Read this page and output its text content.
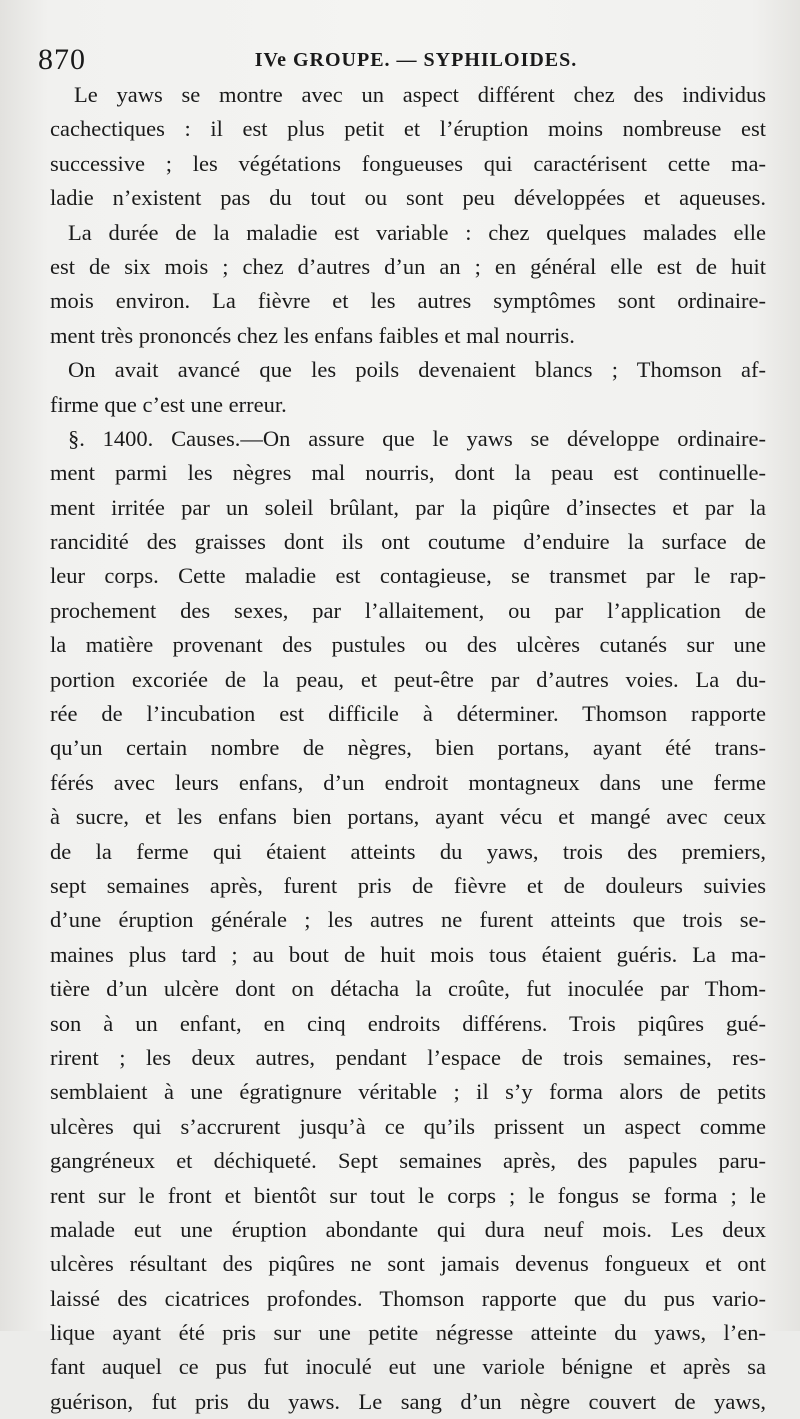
870	IVe GROUPE. — SYPHILOIDES.
Le yaws se montre avec un aspect différent chez des individus
cachectiques : il est plus petit et l’éruption moins nombreuse est
successive ; les végétations fongueuses qui caractérisent cette ma-
ladie n’existent pas du tout ou sont peu développées et aqueuses.
La durée de la maladie est variable : chez quelques malades elle
est de six mois ; chez d’autres d’un an ; en général elle est de huit
mois environ. La fièvre et les autres symptômes sont ordinaire-
ment très prononcés chez les enfans faibles et mal nourris.
On avait avancé que les poils devenaient blancs ; Thomson af-
firme que c’est une erreur.
§. 1400. Causes.—On assure que le yaws se développe ordinaire-
ment parmi les nègres mal nourris, dont la peau est continuelle-
ment irritée par un soleil brûlant, par la piqûre d’insectes et par la
rancidité des graisses dont ils ont coutume d’enduire la surface de
leur corps. Cette maladie est contagieuse, se transmet par le rap-
prochement des sexes, par l’allaitement, ou par l’application de
la matière provenant des pustules ou des ulcères cutanés sur une
portion excoriée de la peau, et peut-être par d’autres voies. La du-
rée de l’incubation est difficile à déterminer. Thomson rapporte
qu’un certain nombre de nègres, bien portans, ayant été trans-
férés avec leurs enfans, d’un endroit montagneux dans une ferme
à sucre, et les enfans bien portans, ayant vécu et mangé avec ceux
de la ferme qui étaient atteints du yaws, trois des premiers,
sept semaines après, furent pris de fièvre et de douleurs suivies
d’une éruption générale ; les autres ne furent atteints que trois se-
maines plus tard ; au bout de huit mois tous étaient guéris. La ma-
tière d’un ulcère dont on détacha la croûte, fut inoculée par Thom-
son à un enfant, en cinq endroits différens. Trois piqûres gué-
rirent ; les deux autres, pendant l’espace de trois semaines, res-
semblaient à une égratignure véritable ; il s’y forma alors de petits
ulcères qui s’accrurent jusqu’à ce qu’ils prissent un aspect comme
gangréneux et déchiqueté. Sept semaines après, des papules paru-
rent sur le front et bientôt sur tout le corps ; le fongus se forma ; le
malade eut une éruption abondante qui dura neuf mois. Les deux
ulcères résultant des piqûres ne sont jamais devenus fongueux et ont
laissé des cicatrices profondes. Thomson rapporte que du pus vario-
lique ayant été pris sur une petite négresse atteinte du yaws, l’en-
fant auquel ce pus fut inoculé eut une variole bénigne et après sa
guérison, fut pris du yaws. Le sang d’un nègre couvert de yaws,
